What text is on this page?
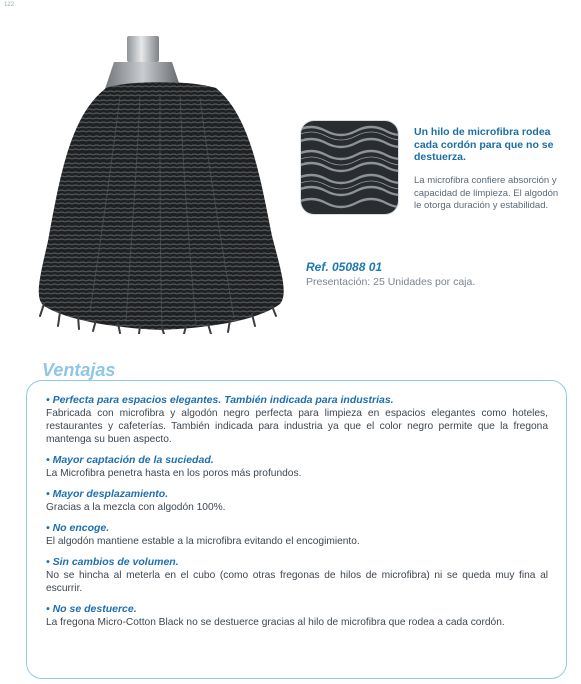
122
Un hilo de microfibra rodea cada cordón para que no se destuerza.
La microfibra confiere absorción y capacidad de limpieza. El algodón le otorga duración y estabilidad.
Ref. 05088 01
Presentación: 25 Unidades por caja.
Ventajas
• Perfecta para espacios elegantes. También indicada para industrias.
Fabricada con microfibra y algodón negro perfecta para limpieza en espacios elegantes como hoteles, restaurantes y cafeterías. También indicada para industria ya que el color negro permite que la fregona mantenga su buen aspecto.
• Mayor captación de la suciedad.
La Microfibra penetra hasta en los poros más profundos.
• Mayor desplazamiento.
Gracias a la mezcla con algodón 100%.
• No encoge.
El algodón mantiene estable a la microfibra evitando el encogimiento.
• Sin cambios de volumen.
No se hincha al meterla en el cubo (como otras fregonas de hilos de microfibra) ni se queda muy fina al escurrir.
• No se destuerce.
La fregona Micro-Cotton Black no se destuerce gracias al hilo de microfibra que rodea a cada cordón.
